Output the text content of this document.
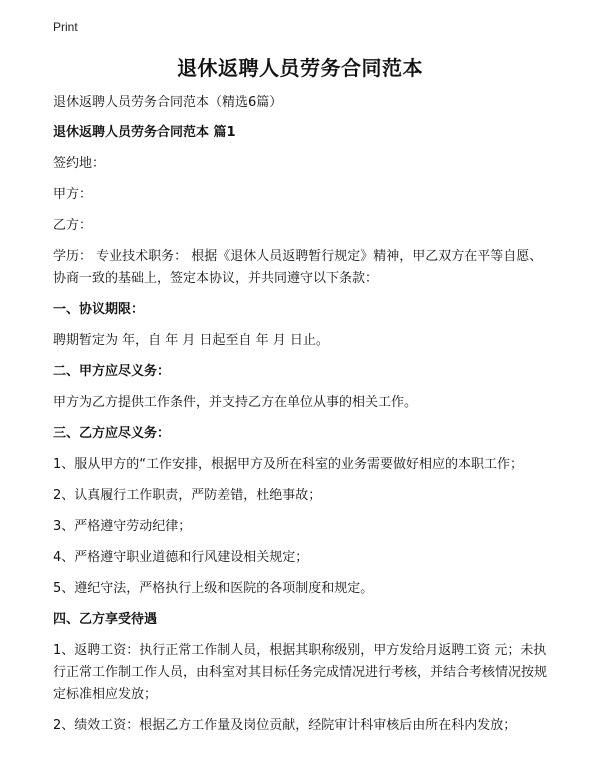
Print
退休返聘人员劳务合同范本
退休返聘人员劳务合同范本（精选6篇）
退休返聘人员劳务合同范本 篇1
签约地：
甲方：
乙方：
学历： 专业技术职务： 根据《退休人员返聘暂行规定》精神，甲乙双方在平等自愿、协商一致的基础上，签定本协议，并共同遵守以下条款：
一、协议期限：
聘期暂定为 年，自 年 月 日起至自 年 月 日止。
二、甲方应尽义务：
甲方为乙方提供工作条件，并支持乙方在单位从事的相关工作。
三、乙方应尽义务：
1、服从甲方的“工作安排，根据甲方及所在科室的业务需要做好相应的本职工作；
2、认真履行工作职责，严防差错，杜绝事故；
3、严格遵守劳动纪律；
4、严格遵守职业道德和行风建设相关规定；
5、遵纪守法，严格执行上级和医院的各项制度和规定。
四、乙方享受待遇
1、返聘工资：执行正常工作制人员，根据其职称级别，甲方发给月返聘工资 元；未执行正常工作制工作人员，由科室对其目标任务完成情况进行考核，并结合考核情况按规定标准相应发放；
2、绩效工资：根据乙方工作量及岗位贡献，经院审计科审核后由所在科内发放；
